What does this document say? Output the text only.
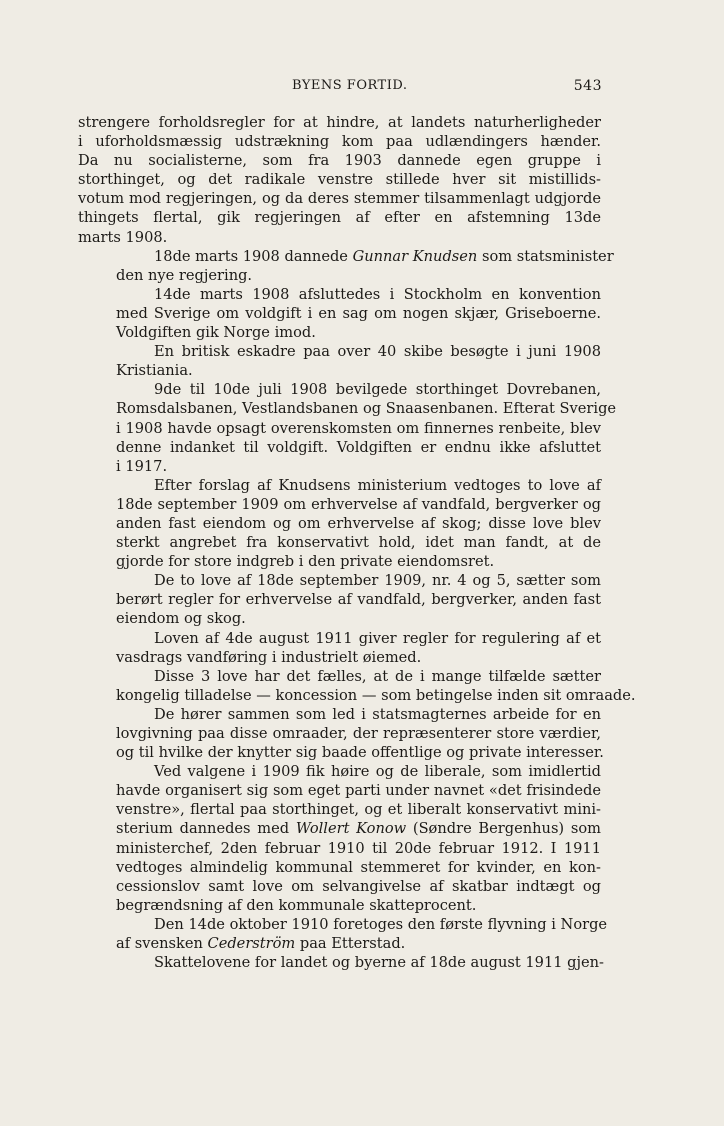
BYENS FORTID.	543

strengere forholdsregler for at hindre, at landets naturherligheder
i uforholdsmæssig udstrækning kom paa udlændingers hænder.
Da nu socialisterne, som fra 1903 dannede egen gruppe i
storthinget, og det radikale venstre stillede hver sit mistillids-
votum mod regjeringen, og da deres stemmer tilsammenlagt udgjorde
thingets flertal, gik regjeringen af efter en afstemning 13de
marts 1908.

18de marts 1908 dannede Gunnar Knudsen som statsminister
den nye regjering.

14de marts 1908 afsluttedes i Stockholm en konvention
med Sverige om voldgift i en sag om nogen skjær, Griseboerne.
Voldgiften gik Norge imod.

En britisk eskadre paa over 40 skibe besøgte i juni 1908
Kristiania.

9de til 10de juli 1908 bevilgede storthinget Dovrebanen,
Romsdalsbanen, Vestlandsbanen og Snaasenbanen. Efterat Sverige
i 1908 havde opsagt overenskomsten om finnernes renbeite, blev
denne indanket til voldgift. Voldgiften er endnu ikke afsluttet
i 1917.

Efter forslag af Knudsens ministerium vedtoges to love af
18de september 1909 om erhvervelse af vandfald, bergverker og
anden fast eiendom og om erhvervelse af skog; disse love blev
sterkt angrebet fra konservativt hold, idet man fandt, at de
gjorde for store indgreb i den private eiendomsret.

De to love af 18de september 1909, nr. 4 og 5, sætter som
berørt regler for erhvervelse af vandfald, bergverker, anden fast
eiendom og skog.

Loven af 4de august 1911 giver regler for regulering af et
vasdrags vandføring i industrielt øiemed.

Disse 3 love har det fælles, at de i mange tilfælde sætter
kongelig tilladelse — koncession — som betingelse inden sit omraade.

De hører sammen som led i statsmagternes arbeide for en
lovgivning paa disse omraader, der repræsenterer store værdier,
og til hvilke der knytter sig baade offentlige og private interesser.

Ved valgene i 1909 fik høire og de liberale, som imidlertid
havde organisert sig som eget parti under navnet «det frisindede
venstre», flertal paa storthinget, og et liberalt konservativt mini-
sterium dannedes med Wollert Konow (Søndre Bergenhus) som
ministerchef, 2den februar 1910 til 20de februar 1912. I 1911
vedtoges almindelig kommunal stemmeret for kvinder, en kon-
cessionslov samt love om selvangivelse af skatbar indtægt og
begrændsning af den kommunale skatteprocent.

Den 14de oktober 1910 foretoges den første flyvning i Norge
af svensken Cederström paa Etterstad.

Skattelovene for landet og byerne af 18de august 1911 gjen-
